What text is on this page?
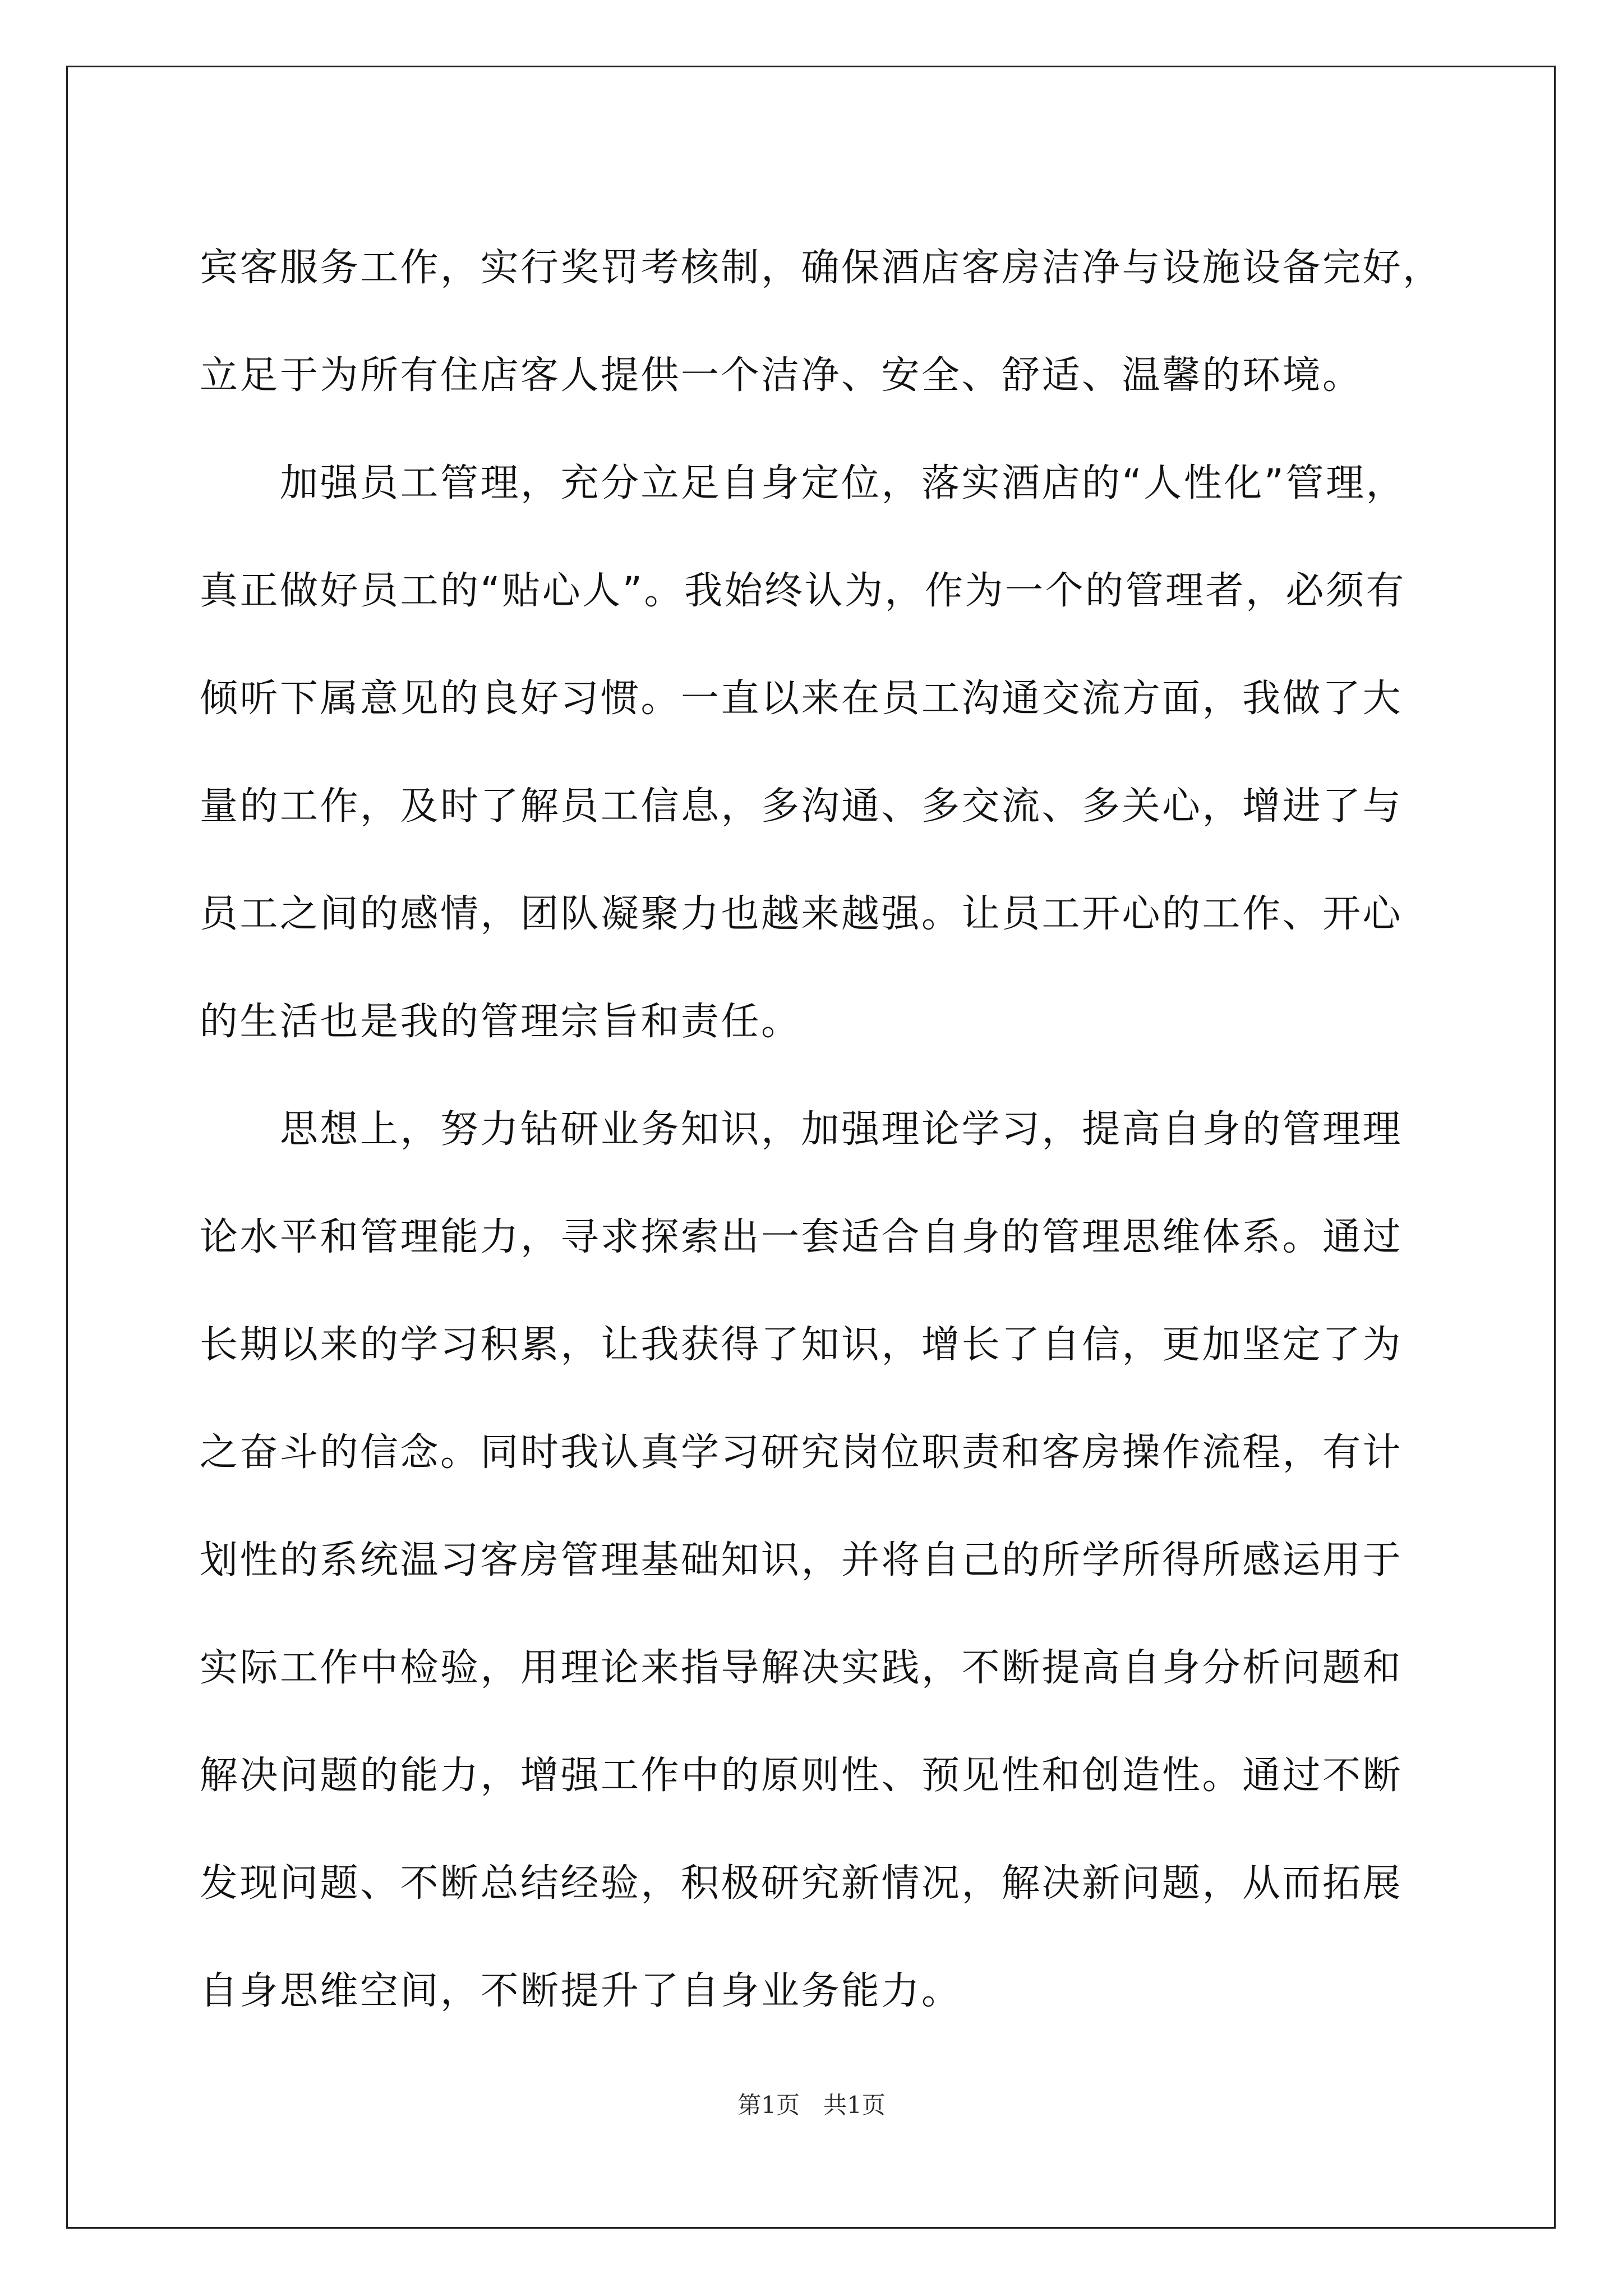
宾客服务工作，实行奖罚考核制，确保酒店客房洁净与设施设备完好，
立足于为所有住店客人提供一个洁净、安全、舒适、温馨的环境。
加强员工管理，充分立足自身定位，落实酒店的“人性化”管理，
真正做好员工的“贴心人”。我始终认为，作为一个的管理者，必须有
倾听下属意见的良好习惯。一直以来在员工沟通交流方面，我做了大
量的工作，及时了解员工信息，多沟通、多交流、多关心，增进了与
员工之间的感情，团队凝聚力也越来越强。让员工开心的工作、开心
的生活也是我的管理宗旨和责任。
思想上，努力钻研业务知识，加强理论学习，提高自身的管理理
论水平和管理能力，寻求探索出一套适合自身的管理思维体系。通过
长期以来的学习积累，让我获得了知识，增长了自信，更加坚定了为
之奋斗的信念。同时我认真学习研究岗位职责和客房操作流程，有计
划性的系统温习客房管理基础知识，并将自己的所学所得所感运用于
实际工作中检验，用理论来指导解决实践，不断提高自身分析问题和
解决问题的能力，增强工作中的原则性、预见性和创造性。通过不断
发现问题、不断总结经验，积极研究新情况，解决新问题，从而拓展
自身思维空间，不断提升了自身业务能力。
第1页　共1页
